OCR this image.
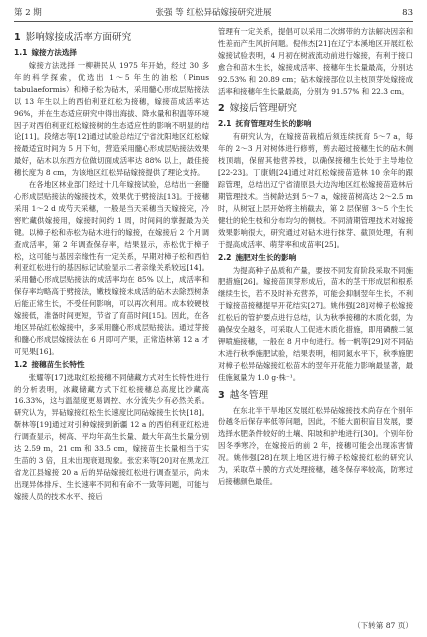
第 2 期	张强 等 红松异砧嫁接研究进展	83
1 影响嫁接成活率方面研究
1.1 嫁接方法选择

嫁接方法选择 一柳耕民从 1975 年开始，经过 30 多年的科学探索，优选出 1～5 年生的油松（Pinus tabulaeformis）和樟子松为砧木，采用髓心形成层贴接法以 13 年生以上的西伯利亚红松为接穗，嫁接苗成活率达 96%，并在生态适应研究中得出海拔、降水量和积温等环境因子对西伯利亚红松嫁接树的生态适应性的影响不明显的结论[11]。段绪志等[12]通过试验总结辽宁省沈阳地区红松嫁接最适宜时间为 5 月下旬，营造采用髓心形成层贴接法效果最好，砧木以东西方位做切面成活率达 88% 以上，最佳接穗长度为 8 cm，为该地区红松异砧嫁接提供了理论支持。

在各地区林业部门经过十几年嫁接试验，总结出一套髓心形成层贴接法的嫁接技术，效果优于劈接法[13]。于接穗采用 1～2 d 成芍天采穗，一般是当天采穗当天嫁接完，冷窖贮藏供嫁接用，嫁接时间约 1 周，时间间的掌握最为关键。以樟子松和赤松为砧木进行的嫁接，在嫁接后 2 个月调查成活率，第 2 年调查保存率，结果显示，赤松优于樟子松，这可能与基因亲缘性有一定关系，早期对樟子松和西伯利亚红松进行的基因标记试验显示二者亲缘关系较远[14]。采用髓心形成层贴接法的成活率均在 85% 以上，成活率和保存率均略高于劈接法，嫩枝嫁接未成活的砧木去除烈树条后能正常生长，不受任何影响，可以再次利用。成本较硬枝嫁接低，准备时间更短，节省了育苗时间[15]。因此，在各地区异砧红松嫁接中，多采用髓心形成层贴接法。通过芽接和髓心形成层嫁接法在 6 月即可产果，正常造林第 12 a 才可见果[16]。

1.2 接穗苗生长特性

张耀等[17]选取红松接穗不同储藏方式对生长特性进行的分析表明，冰藏储藏方式下红松接穗总高度比沙藏高 16.33%，这与温湿度更易调控、水分流失少有必然关系。研究认为，异砧嫁接红松生长速度比同砧嫁接生长快[18]。靳林等[19]通过对引种嫁接到新疆 12 a 的西伯利亚红松进行调查显示，树高、平均年高生长量、最大年高生长量分别达 2.59 m，21 cm 和 33.5 cm，嫁接苗生长量相当于实生苗的 3 倍，且未出现衰退现象。张宏来等[20]对在黑龙江省龙江县嫁接 20 a 后的异砧嫁接红松进行调查显示，尚未出现异体排斥、生长速率不同和有命不一致等问题，可能与嫁接人员的技术水平、接后

管理有一定关系，提倡可以采用二次绑带的方法解决因亲和性差而产生风折问题。倪伟杰[21]在辽宁本溪地区开展红松嫁接试验表明，4 月初在树液流动前进行嫁接，有利于接口愈合和苗木生长，嫁接成活率、接穗年生长量最高，分别达 92.53% 和 20.89 cm；砧木嫁接部位以主枝顶芽处嫁接成活率和接穗年生长量最高，分别为 91.57% 和 22.3 cm。

2 嫁接后管理研究
2.1 抚育管理对生长的影响

有研究认为，在嫁接苗栽植后须连续抚育 5～7 a，每年的 2～3 月对树体进行修剪，剪去超过接穗生长的砧木侧枝顶端，保留其他营养枝，以确保接穗生长处于主导地位[22-23]。丁康娟[24]通过对红松嫁接苗造林 10 余年的跟踪管理，总结出辽宁省清原县大边沟地区红松嫁接苗造林后期管理技术。当树龄达到 5～7 a，嫁接苗树高达 2～2.5 m 时，从树冠上层开始将主梢截去，第 2 层保留 3～5 个生长健壮的轮生枝和分布均匀的侧枝。不同清期管理技术对嫁接效果影响很大，研究通过对砧木进行抹芽、截顶处理，有利于提高成活率、萌芽率和成苗率[25]。

2.2 施肥对生长的影响

为提高种子品质和产量，要按不同发育阶段采取不同施肥措施[26]。嫁接苗顶芽形成后，苗木的茎干形成层和根系继续生长，若不及时补充营养，可能会抑制翌年生长，不利于嫁接苗接穗提早开花结实[27]。姚伟强[28]对樟子松嫁接红松后的管护要点进行总结，认为秋季接穗的木质化弱，为确保安全越冬，可采取人工促进木质化措施，即用磷酸二氢钾喷施接穗，一般在 8 月中旬进行。杨一帆等[29]对不同砧木进行秋季施肥试验，结果表明，相同氮水平下，秋季施肥对樟子松异砧嫁接红松苗木的翌年开花能力影响最显著，最佳施氮量为 1.0 g·株⁻¹。

3 越冬管理

在东北半干旱地区发展红松异砧嫁接技术尚存在个别年份越冬后保存率低等问题，因此，不能大面积盲目发展，要选择水肥条件较好的土壤、阳坡和护地进行[30]。个别年份因冬季寒冷，在嫁接后的前 2 年，接穗可能会出现冻害情况。姚伟强[28]在坝上地区进行樟子松嫁接红松的研究认为，采取草＋膜的方式处理接穗，越冬保存率较高，防寒过后接穗颜色最佳。

（下转第 87 页）
